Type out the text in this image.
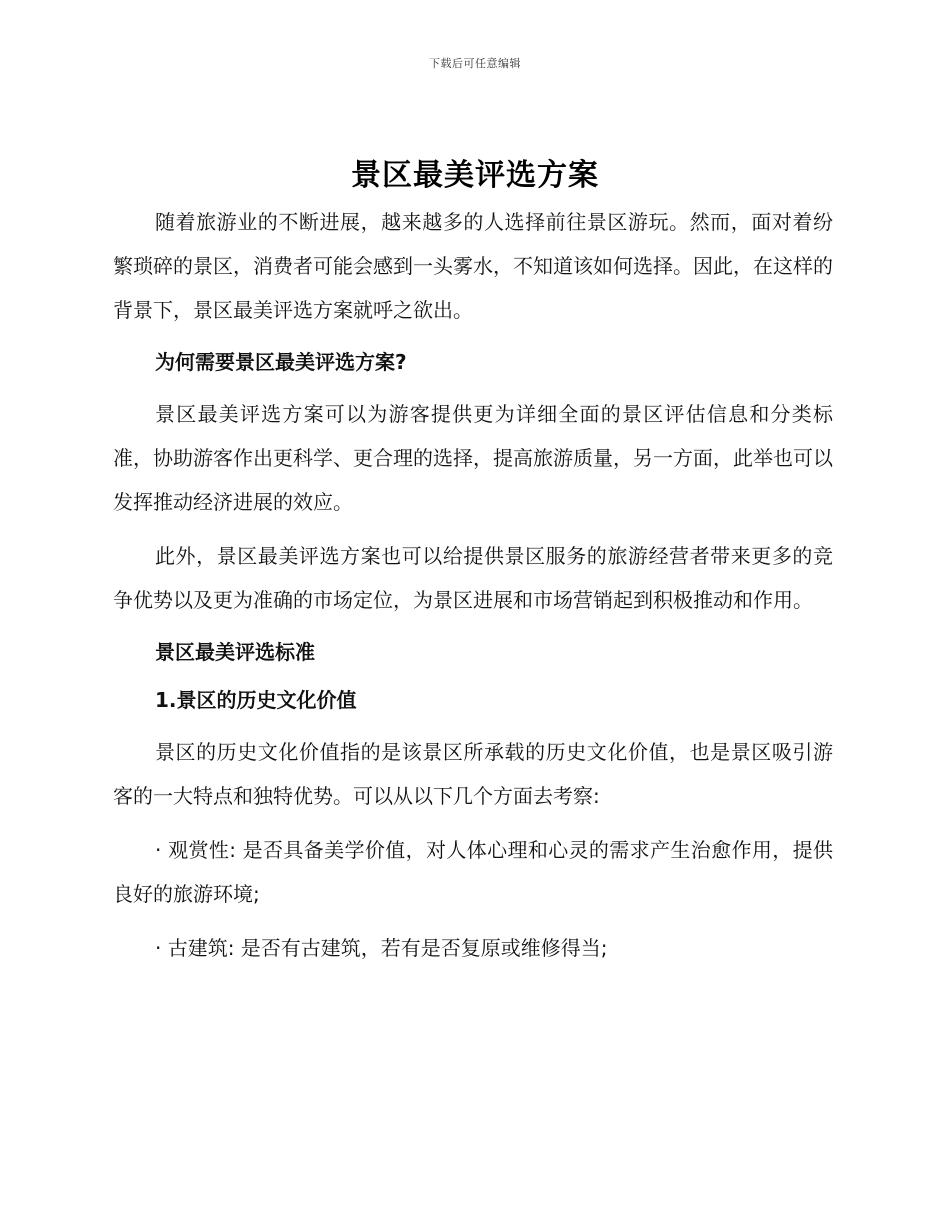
下载后可任意编辑
景区最美评选方案

随着旅游业的不断进展，越来越多的人选择前往景区游玩。然而，面对着纷繁琐碎的景区，消费者可能会感到一头雾水，不知道该如何选择。因此，在这样的背景下，景区最美评选方案就呼之欲出。

为何需要景区最美评选方案?

景区最美评选方案可以为游客提供更为详细全面的景区评估信息和分类标准，协助游客作出更科学、更合理的选择，提高旅游质量，另一方面，此举也可以发挥推动经济进展的效应。

此外，景区最美评选方案也可以给提供景区服务的旅游经营者带来更多的竞争优势以及更为准确的市场定位，为景区进展和市场营销起到积极推动和作用。

景区最美评选标准

1.景区的历史文化价值

景区的历史文化价值指的是该景区所承载的历史文化价值，也是景区吸引游客的一大特点和独特优势。可以从以下几个方面去考察:

· 观赏性: 是否具备美学价值，对人体心理和心灵的需求产生治愈作用，提供良好的旅游环境;

· 古建筑: 是否有古建筑，若有是否复原或维修得当;
